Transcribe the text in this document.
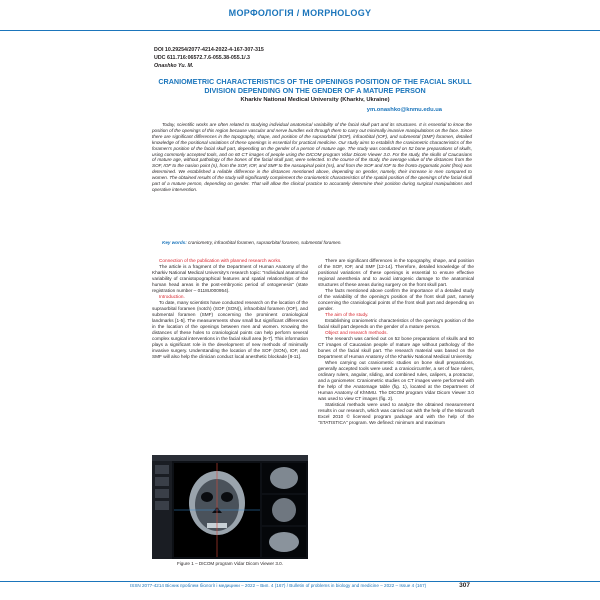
МОРФОЛОГІЯ / MORPHOLOGY
DOI 10.29254/2077-4214-2022-4-167-307-315
UDC 611.716:06572.7.6-055.38-055.1/.3
Onashko Yu. M.
CRANIOMETRIC CHARACTERISTICS OF THE OPENINGS POSITION OF THE FACIAL SKULL DIVISION DEPENDING ON THE GENDER OF A MATURE PERSON
Kharkiv National Medical University (Kharkiv, Ukraine)
ym.onashko@knmu.edu.ua
Today, scientific works are often related to studying individual anatomical variability of the facial skull part and its structures. It is essential to know the position of the openings of this region because vascular and nerve bundles exit through them to carry out minimally invasive manipulations on the face. Since there are significant differences in the topography, shape, and position of the supraorbital (SOF), infraorbital (IOF), and submental (SMF) foramen, detailed knowledge of the positional variations of these openings is essential for practical medicine. Our study aims to establish the craniometric characteristics of the foramen's position of the facial skull part, depending on the gender of a person of mature age. The study was conducted on 52 bone preparations of skulls, using commonly accepted tools, and on 60 CT images of people using the DICOM program Vidar Dicom Viewer 3.0. For the study, the skulls of Caucasians of mature age, without pathology of the bones of the facial skull part, were selected. In the course of the study, the average value of the distances from the SOF, IOF to the nasion point (n), from the SOF, IOF, and SMF to the nasoapinal point (ns), and from the SOF and IOF to the fronto-zygomatic point (fmo) was determined. We established a reliable difference in the distances mentioned above, depending on gender, namely, their increase in men compared to women. The obtained results of the study will significantly complement the craniometric characteristics of the spatial position of the openings of the facial skull part of a mature person, depending on gender. That will allow the clinical practice to accurately determine their position during surgical manipulations and operative intervention.
Key words: craniometry, infraorbital foramen, supraorbital foramen, submental foramen.

Connection of the publication with planned research works.

The article is a fragment of the Department of Human Anatomy of the Kharkiv National Medical University's research topic: "Individual anatomical variability of craniotopographical features and spatial relationships of the human head areas in the post-embryonic period of ontogenesis" (state registration number – 0118U000954).

Introduction.

To date, many scientists have conducted research on the location of the supraorbital foramen (notch) (SOF (SON)), infraorbital foramen (IOF), and submental foramen (SMF) concerning the prominent craniological landmarks [1-5]. The measurements show small but significant differences in the location of the openings between men and women. Knowing the distances of these holes to craniological points can help perform several complex surgical interventions in the facial skull area [6-7]. This information plays a significant role in the development of new methods of minimally invasive surgery. Understanding the location of the SOF (SON), IOF, and SMF will also help the clinician conduct local anesthetic blockade [8-11].

There are significant differences in the topography, shape, and position of the SOF, IOF, and SMF [12-14]. Therefore, detailed knowledge of the positional variations of these openings is essential to ensure effective regional anesthesia and to avoid iatrogenic damage to the anatomical structures of these areas during surgery on the front skull part.

The facts mentioned above confirm the importance of a detailed study of the variability of the opening's position of the front skull part, namely concerning the craniological points of the front skull part and depending on gender.

The aim of the study.

Establishing craniometric characteristics of the opening's position of the facial skull part depends on the gender of a mature person.

Object and research methods.

The research was carried out on 52 bone preparations of skulls and 60 CT images of Caucasian people of mature age without pathology of the bones of the facial skull part. The research material was based on the Department of Human Anatomy of the Kharkiv National Medical University.

When carrying out craniometric studies on bone skull preparations, generally accepted tools were used: a craniocircumfer, a set of face rulers, ordinary rulers, angular, sliding, and combined rules, calipers, a protractor, and a goniometer. Craniometric studies on CT images were performed with the help of the Anatomage table (fig. 1), located at the Department of Human Anatomy of KhNMU. The DICOM program Vidar Dicom Viewer 3.0 was used to view CT images (fig. 2).

Statistical methods were used to analyze the obtained measurement results in our research, which was carried out with the help of the Microsoft Excel 2010 © licensed program package and with the help of the "STATISTICA" program. We defined: minimum and maximum

Figure 1 – DICOM program Vidar Dicom Viewer 3.0.
ISSN 2077-4214 Вісник проблем біології і медицини – 2022 – Вип. 4 (167) / Bulletin of problems in biology and medicine – 2022 – Issue 4 (167)	307
